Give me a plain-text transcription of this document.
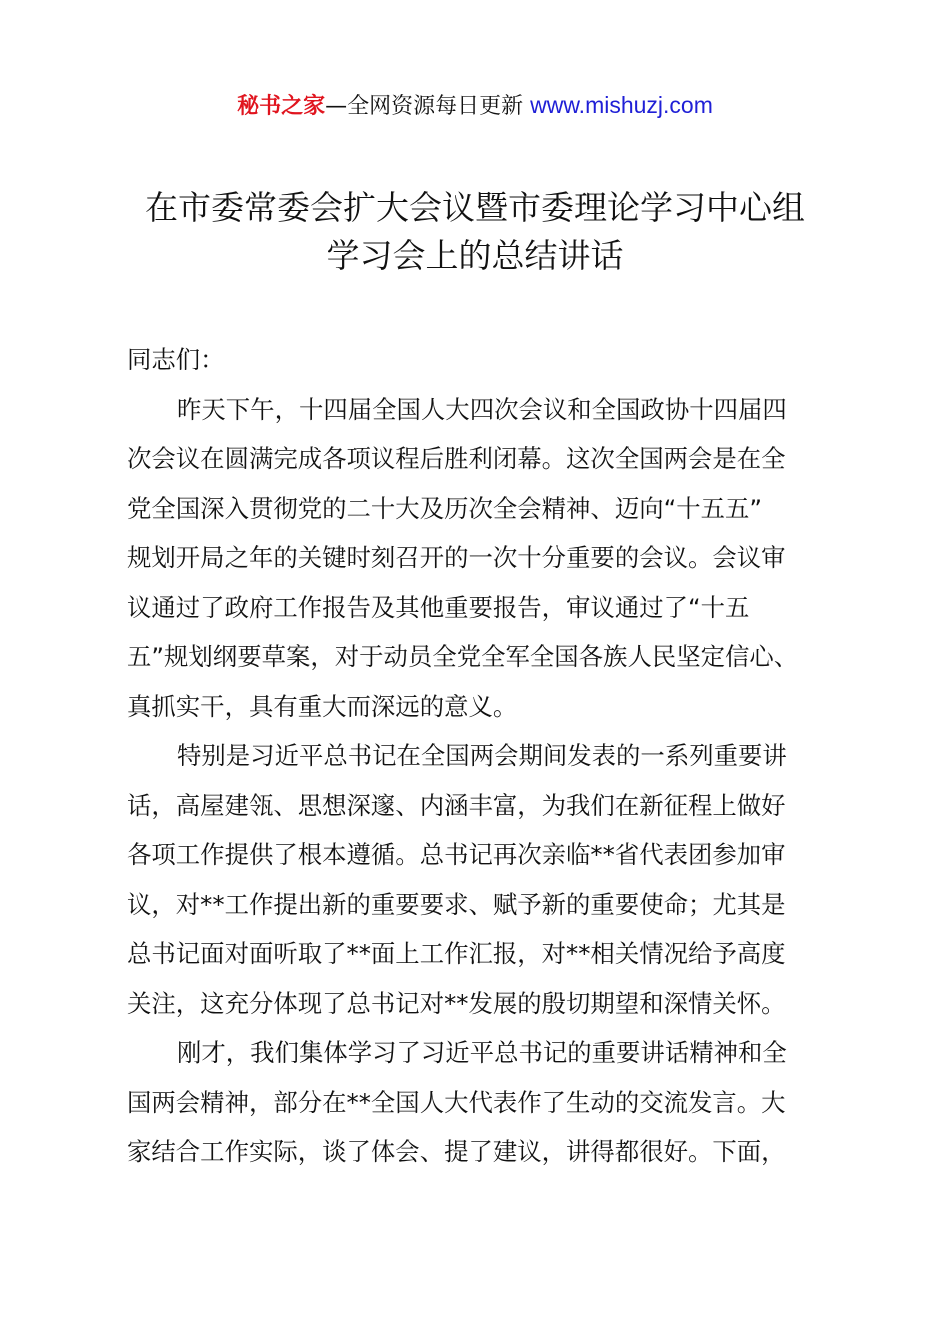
秘书之家—全网资源每日更新 www.mishuzj.com
在市委常委会扩大会议暨市委理论学习中心组
学习会上的总结讲话
同志们：
昨天下午，十四届全国人大四次会议和全国政协十四届四
次会议在圆满完成各项议程后胜利闭幕。这次全国两会是在全
党全国深入贯彻党的二十大及历次全会精神、迈向“十五五”
规划开局之年的关键时刻召开的一次十分重要的会议。会议审
议通过了政府工作报告及其他重要报告，审议通过了“十五
五”规划纲要草案，对于动员全党全军全国各族人民坚定信心、
真抓实干，具有重大而深远的意义。
特别是习近平总书记在全国两会期间发表的一系列重要讲
话，高屋建瓴、思想深邃、内涵丰富，为我们在新征程上做好
各项工作提供了根本遵循。总书记再次亲临**省代表团参加审
议，对**工作提出新的重要要求、赋予新的重要使命；尤其是
总书记面对面听取了**面上工作汇报，对**相关情况给予高度
关注，这充分体现了总书记对**发展的殷切期望和深情关怀。
刚才，我们集体学习了习近平总书记的重要讲话精神和全
国两会精神，部分在**全国人大代表作了生动的交流发言。大
家结合工作实际，谈了体会、提了建议，讲得都很好。下面，
